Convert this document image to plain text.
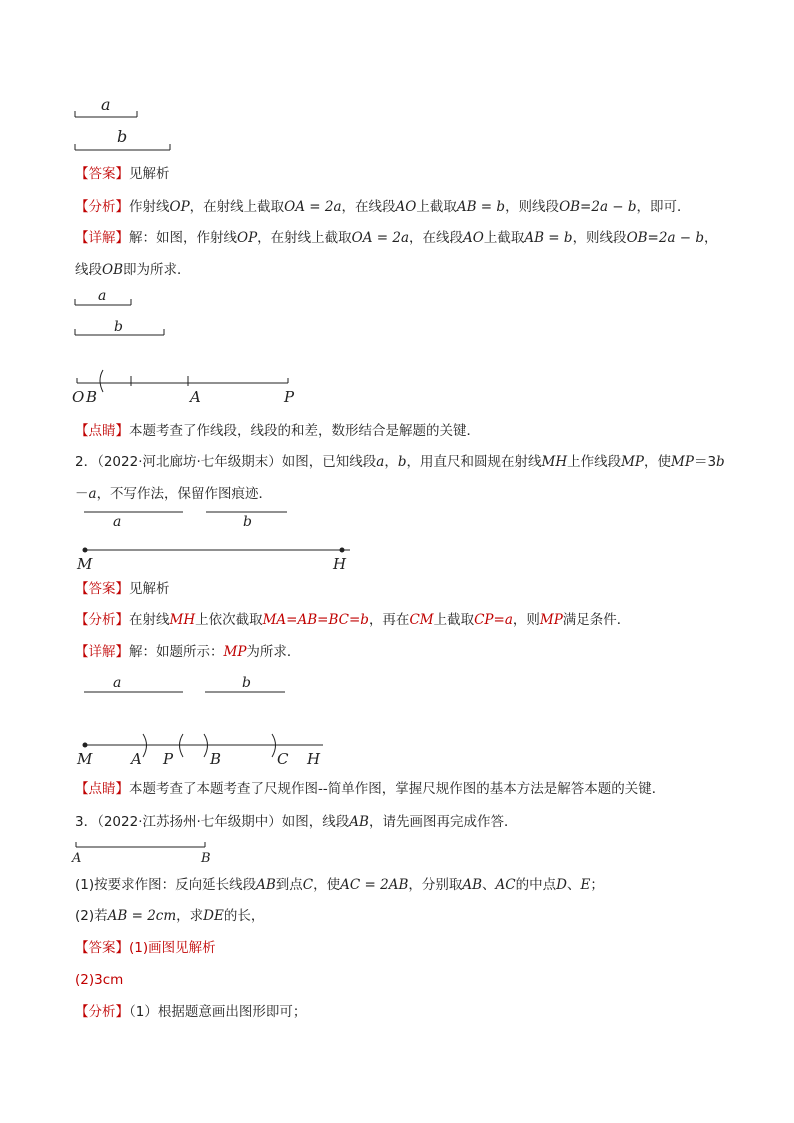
a
b
【答案】见解析
【分析】作射线OP，在射线上截取OA = 2a，在线段AO上截取AB = b，则线段OB=2a − b，即可．
【详解】解：如图，作射线OP，在射线上截取OA = 2a，在线段AO上截取AB = b，则线段OB=2a − b，
线段OB即为所求．
a
b
O B	A	P
【点睛】本题考查了作线段，线段的和差，数形结合是解题的关键．
2．（2022·河北廊坊·七年级期末）如图，已知线段a，b，用直尺和圆规在射线MH上作线段MP，使MP＝3b
－a，不写作法，保留作图痕迹．
a	b
M	H
【答案】见解析
【分析】在射线MH上依次截取MA=AB=BC=b，再在CM上截取CP=a，则MP满足条件．
【详解】解：如题所示：MP为所求．
a	b
M	A P B	C H
【点睛】本题考查了本题考查了尺规作图--简单作图，掌握尺规作图的基本方法是解答本题的关键．
3．（2022·江苏扬州·七年级期中）如图，线段AB，请先画图再完成作答．
A	B
(1)按要求作图：反向延长线段AB到点C，使AC = 2AB，分别取AB、AC的中点D、E；
(2)若AB = 2cm，求DE的长，
【答案】(1)画图见解析
(2)3cm
【分析】（1）根据题意画出图形即可；
